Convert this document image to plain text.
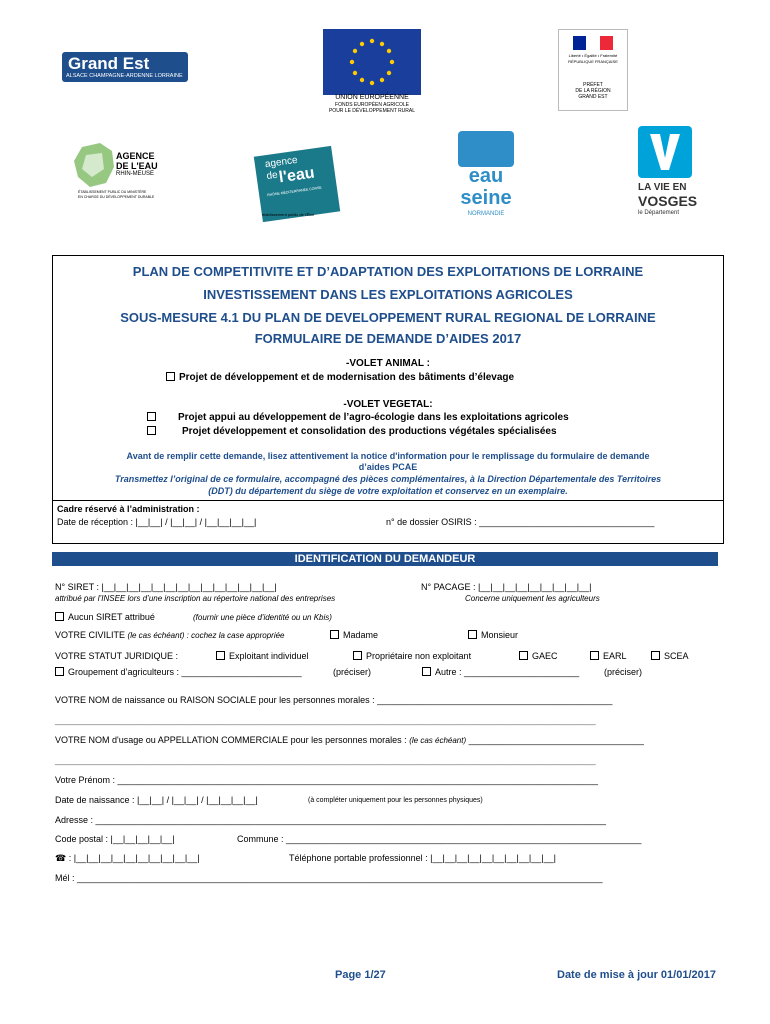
Grand Est
ALSACE CHAMPAGNE-ARDENNE LORRAINE
UNION EUROPÉENNE
FONDS EUROPÉEN AGRICOLE
POUR LE DÉVELOPPEMENT RURAL
Liberté • Égalité • Fraternité
RÉPUBLIQUE FRANÇAISE
PRÉFET
DE LA RÉGION
GRAND EST
AGENCE
DE L'EAU
RHIN-MEUSE
ÉTABLISSEMENT PUBLIC DU MINISTÈRE
EN CHARGE DU DÉVELOPPEMENT DURABLE
agence
de l'eau
RHÔNE MÉDITERRANÉE CORSE
établissement public de l'État
eau
seine
NORMANDIE
LA VIE EN
VOSGES
le Département
PLAN DE COMPETITIVITE ET D’ADAPTATION DES EXPLOITATIONS DE LORRAINE
INVESTISSEMENT DANS LES EXPLOITATIONS AGRICOLES
SOUS-MESURE 4.1 DU PLAN DE DEVELOPPEMENT RURAL REGIONAL DE LORRAINE
FORMULAIRE DE DEMANDE D’AIDES 2017
-VOLET ANIMAL :
Projet de développement et de modernisation des bâtiments d’élevage
-VOLET VEGETAL:
Projet appui au développement de l’agro-écologie dans les exploitations agricoles
Projet développement et consolidation des productions végétales spécialisées
Avant de remplir cette demande, lisez attentivement la notice d'information pour le remplissage du formulaire de demande
d’aides PCAE
Transmettez l’original de ce formulaire, accompagné des pièces complémentaires, à la Direction Départementale des Territoires
(DDT) du département du siège de votre exploitation et conservez en un exemplaire.
Cadre réservé à l’administration :
Date de réception : |__|__| / |__|__| / |__|__|__|__|	n° de dossier OSIRIS : ___________________________________
IDENTIFICATION DU DEMANDEUR
N° SIRET : |__|__|__|__|__|__|__|__|__|__|__|__|__|__|
attribué par l’INSEE lors d’une inscription au répertoire national des entreprises
N° PACAGE : |__|__|__|__|__|__|__|__|__|
Concerne uniquement les agriculteurs
Aucun SIRET attribué	(fournir une pièce d'identité ou un Kbis)
VOTRE CIVILITE (le cas échéant) : cochez la case appropriée	Madame	Monsieur
VOTRE STATUT JURIDIQUE :	Exploitant individuel	Propriétaire non exploitant	GAEC	EARL	SCEA
Groupement d’agriculteurs : ________________________	(préciser)	Autre : _______________________	(préciser)
VOTRE NOM de naissance ou RAISON SOCIALE pour les personnes morales : _______________________________________________
____________________________________________________________________________________________________________
VOTRE NOM d'usage ou APPELLATION COMMERCIALE pour les personnes morales : (le cas échéant) ___________________________________
____________________________________________________________________________________________________________
Votre Prénom : ________________________________________________________________________________________________
Date de naissance : |__|__| / |__|__| / |__|__|__|__|	(à compléter uniquement pour les personnes physiques)
Adresse : ______________________________________________________________________________________________________
Code postal : |__|__|__|__|__|	Commune : _______________________________________________________________________
☎ : |__|__|__|__|__|__|__|__|__|__|	Téléphone portable professionnel : |__|__|__|__|__|__|__|__|__|__|
Mél : _________________________________________________________________________________________________________
Page 1/27	Date de mise à jour 01/01/2017
